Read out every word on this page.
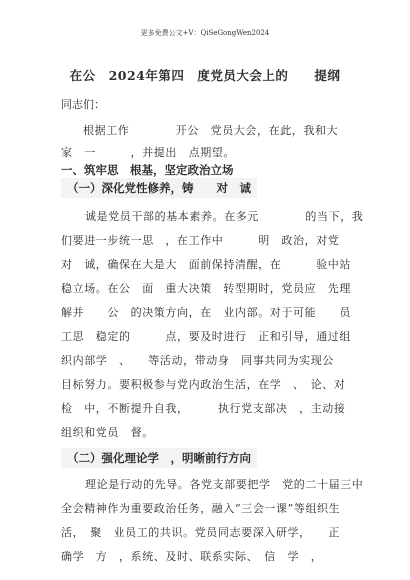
更多免费公文+V：QiSeGongWen2024
在公　2024年第四　度党员大会上的　　提纲
同志们：
根据工作　　　　开公　党员大会，在此，我和大
家　一　　　，并提出　点期望。
一、筑牢思　根基，坚定政治立场
（一）深化党性修养，铸　　对　诚
诚是党员干部的基本素养。在多元　　　　的当下，我
们要进一步统一思　，在工作中　　　明　政治，对党
对　诚，确保在大是大　面前保持清醒，在　　　验中站
稳立场。在公　面　重大决策　转型期时，党员应　先理
解并　　公　的决策方向，在　业内部。对于可能　　员
工思　稳定的　　　点，要及时进行　正和引导，通过组
织内部学　、　　等活动，带动身　同事共同为实现公
目标努力。要积极参与党内政治生活，在学　、　论、对
检　中，不断提升自我，　　　执行党支部决　，主动接
组织和党员　督。
（二）强化理论学　，明晰前行方向
理论是行动的先导。各党支部要把学　党的二十届三中
全会精神作为重要政治任务，融入“三会一课”等组织生
活，　聚　业员工的共识。党员同志要深入研学，　　正
确学　方　，系统、及时、联系实际、　信　学　，
